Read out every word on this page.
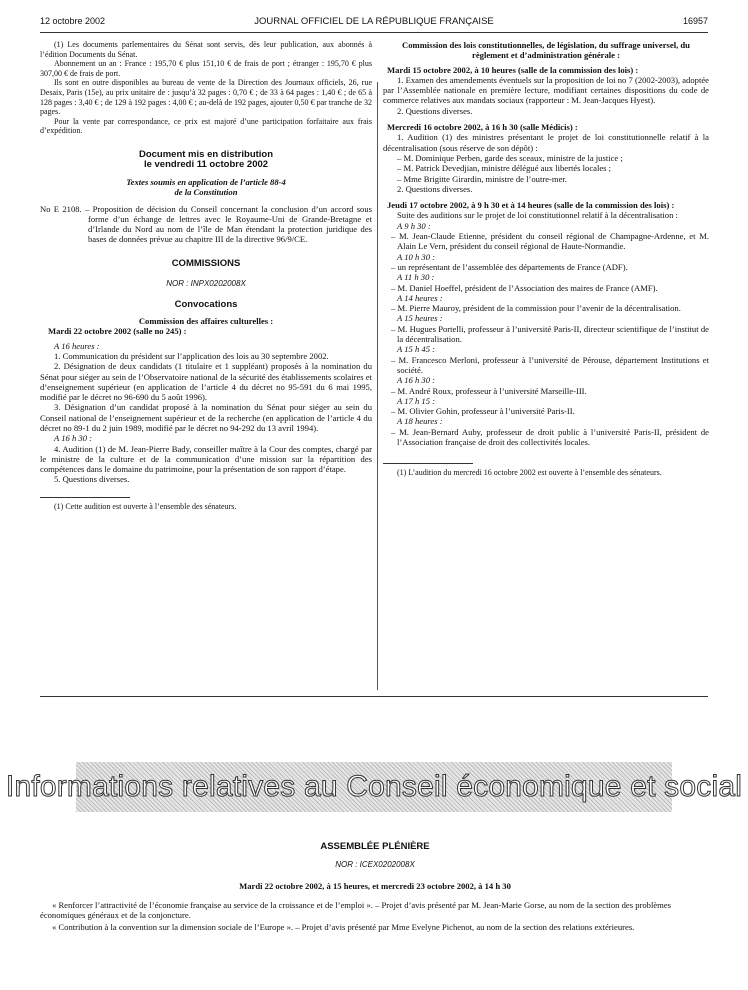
12 octobre 2002	JOURNAL OFFICIEL DE LA RÉPUBLIQUE FRANÇAISE	16957

(1) Les documents parlementaires du Sénat sont servis, dès leur publication, aux abonnés à l’édition Documents du Sénat.

Abonnement un an : France : 195,70 € plus 151,10 € de frais de port ; étranger : 195,70 € plus 307,00 € de frais de port.

Ils sont en outre disponibles au bureau de vente de la Direction des Journaux officiels, 26, rue Desaix, Paris (15e), au prix unitaire de : jusqu’à 32 pages : 0,70 € ; de 33 à 64 pages : 1,40 € ; de 65 à 128 pages : 3,40 € ; de 129 à 192 pages : 4,00 € ; au-delà de 192 pages, ajouter 0,50 € par tranche de 32 pages.

Pour la vente par correspondance, ce prix est majoré d’une participation forfaitaire aux frais d’expédition.

Document mis en distribution
le vendredi 11 octobre 2002
Textes soumis en application de l’article 88-4
de la Constitution

No E 2108. – Proposition de décision du Conseil concernant la conclusion d’un accord sous forme d’un échange de lettres avec le Royaume-Uni de Grande-Bretagne et d’Irlande du Nord au nom de l’île de Man étendant la protection juridique des bases de données prévue au chapitre III de la directive 96/9/CE.

COMMISSIONS
NOR : INPX0202008X
Convocations
Commission des affaires culturelles :
Mardi 22 octobre 2002 (salle no 245) :

A 16 heures :

1. Communication du président sur l’application des lois au 30 septembre 2002.

2. Désignation de deux candidats (1 titulaire et 1 suppléant) proposés à la nomination du Sénat pour siéger au sein de l’Observatoire national de la sécurité des établissements scolaires et d’enseignement supérieur (en application de l’article 4 du décret no 95-591 du 6 mai 1995, modifié par le décret no 96-690 du 5 août 1996).

3. Désignation d’un candidat proposé à la nomination du Sénat pour siéger au sein du Conseil national de l’enseignement supérieur et de la recherche (en application de l’article 4 du décret no 89-1 du 2 juin 1989, modifié par le décret no 94-292 du 13 avril 1994).

A 16 h 30 :

4. Audition (1) de M. Jean-Pierre Bady, conseiller maître à la Cour des comptes, chargé par le ministre de la culture et de la communication d’une mission sur la répartition des compétences dans le domaine du patrimoine, pour la présentation de son rapport d’étape.

5. Questions diverses.

(1) Cette audition est ouverte à l’ensemble des sénateurs.

Commission des lois constitutionnelles, de législation, du suffrage universel, du règlement et d’administration générale :

Mardi 15 octobre 2002, à 10 heures (salle de la commission des lois) :

1. Examen des amendements éventuels sur la proposition de loi no 7 (2002-2003), adoptée par l’Assemblée nationale en première lecture, modifiant certaines dispositions du code de commerce relatives aux mandats sociaux (rapporteur : M. Jean-Jacques Hyest).

2. Questions diverses.

Mercredi 16 octobre 2002, à 16 h 30 (salle Médicis) :

1. Audition (1) des ministres présentant le projet de loi constitutionnelle relatif à la décentralisation (sous réserve de son dépôt) :

– M. Dominique Perben, garde des sceaux, ministre de la justice ;

– M. Patrick Devedjian, ministre délégué aux libertés locales ;

– Mme Brigitte Girardin, ministre de l’outre-mer.

2. Questions diverses.

Jeudi 17 octobre 2002, à 9 h 30 et à 14 heures (salle de la commission des lois) :

Suite des auditions sur le projet de loi constitutionnel relatif à la décentralisation :

A 9 h 30 :

– M. Jean-Claude Etienne, président du conseil régional de Champagne-Ardenne, et M. Alain Le Vern, président du conseil régional de Haute-Normandie.

A 10 h 30 :

– un représentant de l’assemblée des départements de France (ADF).

A 11 h 30 :

– M. Daniel Hoeffel, président de l’Association des maires de France (AMF).

A 14 heures :

– M. Pierre Mauroy, président de la commission pour l’avenir de la décentralisation.

A 15 heures :

– M. Hugues Portelli, professeur à l’université Paris-II, directeur scientifique de l’institut de la décentralisation.

A 15 h 45 :

– M. Francesco Merloni, professeur à l’université de Pérouse, département Institutions et société.

A 16 h 30 :

– M. André Roux, professeur à l’université Marseille-III.

A 17 h 15 :

– M. Olivier Gohin, professeur à l’université Paris-II.

A 18 heures :

– M. Jean-Bernard Auby, professeur de droit public à l’université Paris-II, président de l’Association française de droit des collectivités locales.

(1) L’audition du mercredi 16 octobre 2002 est ouverte à l’ensemble des sénateurs.

Informations relatives au Conseil économique et social
ASSEMBLÉE PLÉNIÈRE
NOR : ICEX0202008X
Mardi 22 octobre 2002, à 15 heures, et mercredi 23 octobre 2002, à 14 h 30

« Renforcer l’attractivité de l’économie française au service de la croissance et de l’emploi ». – Projet d’avis présenté par M. Jean-Marie Gorse, au nom de la section des problèmes économiques généraux et de la conjoncture.

« Contribution à la convention sur la dimension sociale de l’Europe ». – Projet d’avis présenté par Mme Evelyne Pichenot, au nom de la section des relations extérieures.
